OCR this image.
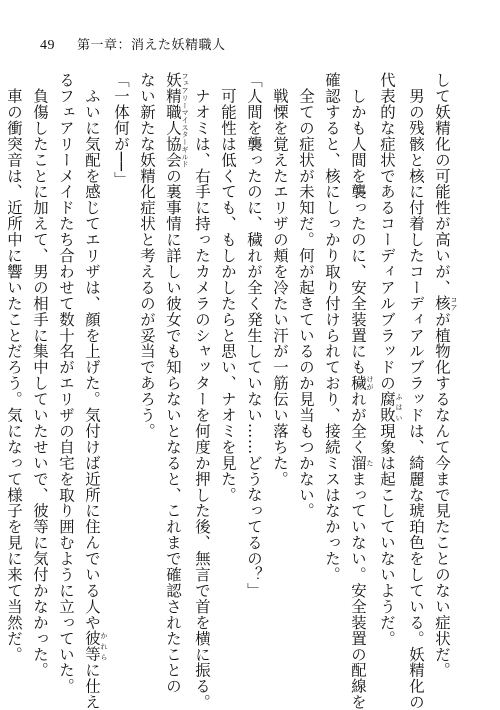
49 第一章：消えた妖精職人
して妖精化の可能性が高いが、核 コアが植物化するなんて今まで見たことのない症状だ。
　男の残骸と核に付着したコーディアルブラッドは、綺麗な琥珀色をしている。妖精化の
代表的な症状であるコーディアルブラッドの腐敗 ふはい現象は起こしていないようだ。
　しかも人間を襲ったのに、安全装置にも穢 けがれが全く溜 たまっていない。安全装置の配線を
確認すると、核にしっかり取り付けられており、接続ミスはなかった。
　全ての症状が未知だ。何が起きているのか見当もつかない。
　戦慄を覚えたエリザの頬を冷たい汗が一筋伝い落ちた。
「人間を襲ったのに、穢れが全く発生していない……どうなってるの？」
　可能性は低くても、もしかしたらと思い、ナオミを見た。
　ナオミは、右手に持ったカメラのシャッターを何度か押した後、無言で首を横に振る。
妖精職人協会 フェアリーマイスターギルドの裏事情に詳しい彼女でも知らないとなると、これまで確認されたことの
ない新たな妖精化症状と考えるのが妥当であろう。
「一体何が──」
　ふいに気配を感じてエリザは、顔を上げた。気付けば近所に住んでいる人や彼等 かれらに仕え
るフェアリーメイドたち合わせて数十名がエリザの自宅を取り囲むように立っていた。
　負傷したことに加えて、男の相手に集中していたせいで、彼等に気付かなかった。
　車の衝突音は、近所中に響いたことだろう。気になって様子を見に来て当然だ。
